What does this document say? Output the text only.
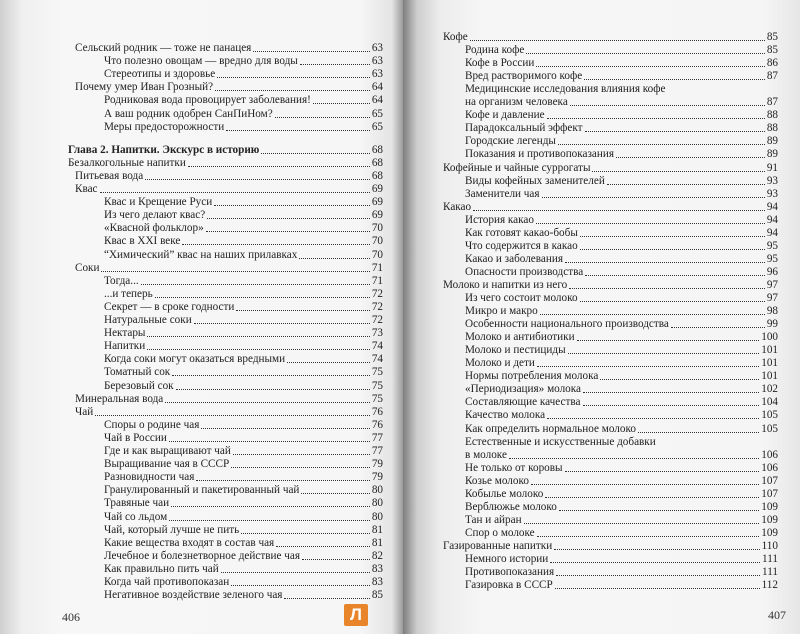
Сельский родник — тоже не панацея	63
Что полезно овощам — вредно для воды	63
Стереотипы и здоровье	63
Почему умер Иван Грозный?	64
Родниковая вода провоцирует заболевания!	64
А ваш родник одобрен СанПиНом?	65
Меры предосторожности	65
Глава 2. Напитки. Экскурс в историю	68
Безалкогольные напитки	68
Питьевая вода	68
Квас	69
Квас и Крещение Руси	69
Из чего делают квас?	69
«Квасной фольклор»	70
Квас в XXI веке	70
“Химический” квас на наших прилавках	70
Соки	71
Тогда...	71
...и теперь	72
Секрет — в сроке годности	72
Натуральные соки	72
Нектары	73
Напитки	74
Когда соки могут оказаться вредными	74
Томатный сок	75
Березовый сок	75
Минеральная вода	75
Чай	76
Споры о родине чая	76
Чай в России	77
Где и как выращивают чай	77
Выращивание чая в СССР	79
Разновидности чая	79
Гранулированный и пакетированный чай	80
Травяные чаи	80
Чай со льдом	80
Чай, который лучше не пить	81
Какие вещества входят в состав чая	81
Лечебное и болезнетворное действие чая	82
Как правильно пить чай	83
Когда чай противопоказан	83
Негативное воздействие зеленого чая	85
406
Кофе	85
Родина кофе	85
Кофе в России	86
Вред растворимого кофе	87
Медицинские исследования влияния кофе
на организм человека	87
Кофе и давление	88
Парадоксальный эффект	88
Городские легенды	89
Показания и противопоказания	89
Кофейные и чайные суррогаты	91
Виды кофейных заменителей	93
Заменители чая	93
Какао	94
История какао	94
Как готовят какао-бобы	94
Что содержится в какао	95
Какао и заболевания	95
Опасности производства	96
Молоко и напитки из него	97
Из чего состоит молоко	97
Микро и макро	98
Особенности национального производства	99
Молоко и антибиотики	100
Молоко и пестициды	101
Молоко и дети	101
Нормы потребления молока	101
«Периодизация» молока	102
Составляющие качества	104
Качество молока	105
Как определить нормальное молоко	105
Естественные и искусственные добавки
в молоке	106
Не только от коровы	106
Козье молоко	107
Кобылье молоко	107
Верблюжье молоко	109
Тан и айран	109
Спор о молоке	109
Газированные напитки	110
Немного истории	111
Противопоказания	111
Газировка в СССР	112
407
Л
